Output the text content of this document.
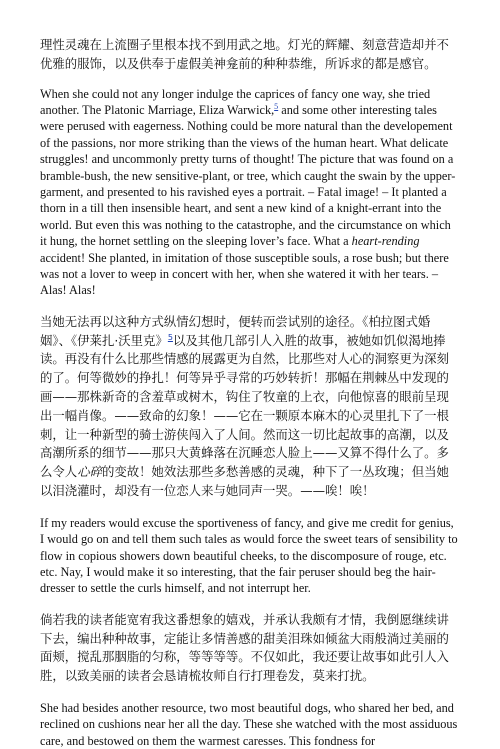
理性灵魂在上流圈子里根本找不到用武之地。灯光的辉耀、刻意营造却并不优雅的服饰，以及供奉于虚假美神龛前的种种恭维，所诉求的都是感官。

When she could not any longer indulge the caprices of fancy one way, she tried another. The Platonic Marriage, Eliza Warwick,$^5$ and some other interesting tales were perused with eagerness. Nothing could be more natural than the developement of the passions, nor more striking than the views of the human heart. What delicate struggles! and uncommonly pretty turns of thought! The picture that was found on a bramble-bush, the new sensitive-plant, or tree, which caught the swain by the upper-garment, and presented to his ravished eyes a portrait. – Fatal image! – It planted a thorn in a till then insensible heart, and sent a new kind of a knight-errant into the world. But even this was nothing to the catastrophe, and the circumstance on which it hung, the hornet settling on the sleeping lover’s face. What a heart-rending accident! She planted, in imitation of those susceptible souls, a rose bush; but there was not a lover to weep in concert with her, when she watered it with her tears. – Alas! Alas!

当她无法再以这种方式纵情幻想时，便转而尝试别的途径。《柏拉图式婚姻》、《伊莱扎·沃里克》$^5$以及其他几部引人入胜的故事，被她如饥似渴地捧读。再没有什么比那些情感的展露更为自然，比那些对人心的洞察更为深刻的了。何等微妙的挣扎！何等异乎寻常的巧妙转折！那幅在荆棘丛中发现的画——那株新奇的含羞草或树木，钩住了牧童的上衣，向他惊喜的眼前呈现出一幅肖像。——致命的幻象！——它在一颗原本麻木的心灵里扎下了一根刺，让一种新型的骑士游侠闯入了人间。然而这一切比起故事的高潮，以及高潮所系的细节——那只大黄蜂落在沉睡恋人脸上——又算不得什么了。多么令人心碎的变故！她效法那些多愁善感的灵魂，种下了一丛玫瑰；但当她以泪浇灌时，却没有一位恋人来与她同声一哭。——唉！唉！

If my readers would excuse the sportiveness of fancy, and give me credit for genius, I would go on and tell them such tales as would force the sweet tears of sensibility to flow in copious showers down beautiful cheeks, to the discomposure of rouge, etc. etc. Nay, I would make it so interesting, that the fair peruser should beg the hair-dresser to settle the curls himself, and not interrupt her.

倘若我的读者能宽宥我这番想象的嬉戏，并承认我颇有才情，我倒愿继续讲下去，编出种种故事，定能让多情善感的甜美泪珠如倾盆大雨般淌过美丽的面颊，搅乱那胭脂的匀称，等等等等。不仅如此，我还要让故事如此引人入胜，以致美丽的读者会恳请梳妆师自行打理卷发，莫来打扰。

She had besides another resource, two most beautiful dogs, who shared her bed, and reclined on cushions near her all the day. These she watched with the most assiduous care, and bestowed on them the warmest caresses. This fondness for
